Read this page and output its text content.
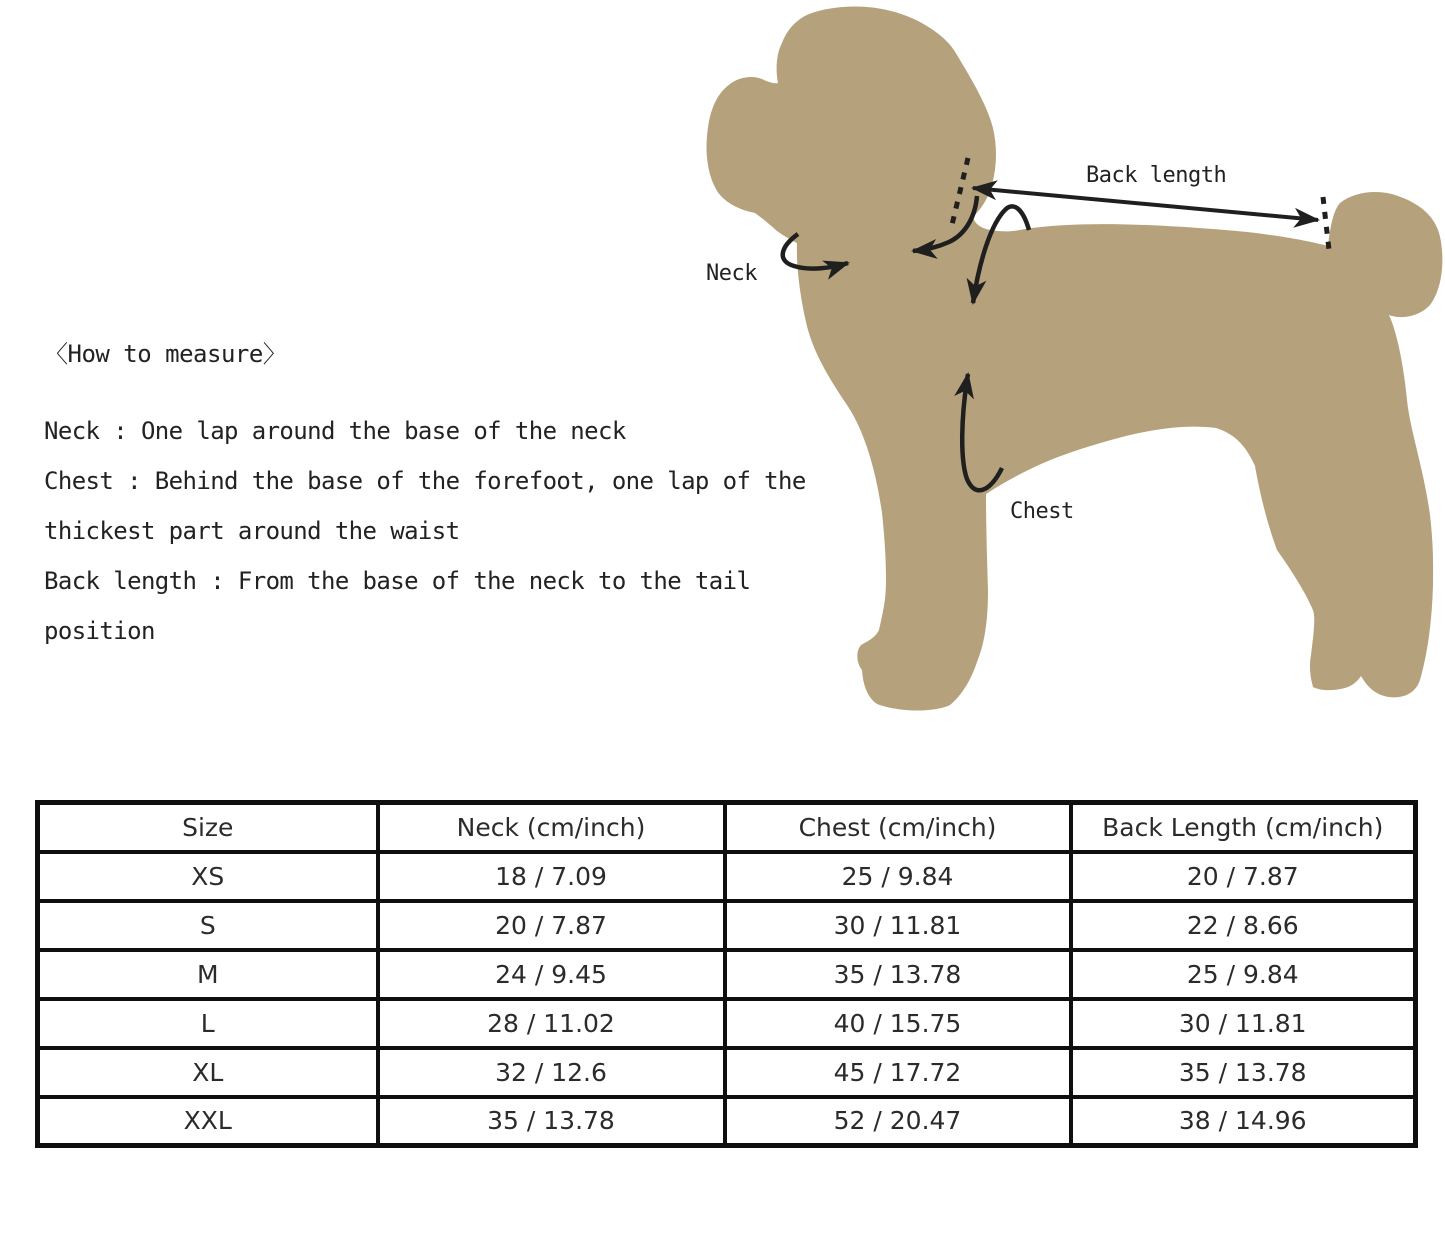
Neck
Chest
Back length
〈How to measure〉
Neck : One lap around the base of the neck
Chest : Behind the base of the forefoot, one lap of the
thickest part around the waist
Back length : From the base of the neck to the tail
position
Size	Neck (cm/inch)	Chest (cm/inch)	Back Length (cm/inch)
XS	18 / 7.09	25 / 9.84	20 / 7.87
S	20 / 7.87	30 / 11.81	22 / 8.66
M	24 / 9.45	35 / 13.78	25 / 9.84
L	28 / 11.02	40 / 15.75	30 / 11.81
XL	32 / 12.6	45 / 17.72	35 / 13.78
XXL	35 / 13.78	52 / 20.47	38 / 14.96
